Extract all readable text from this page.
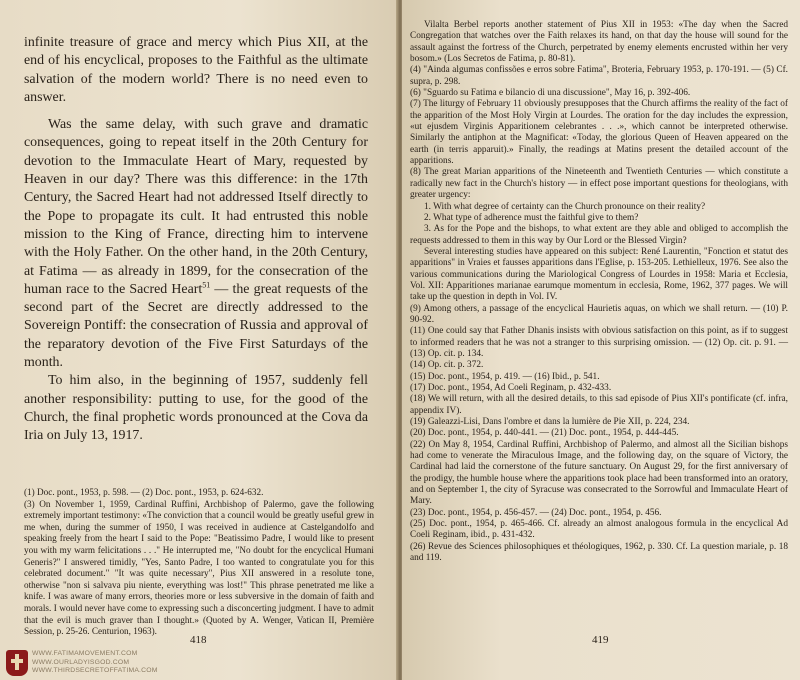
infinite treasure of grace and mercy which Pius XII, at the end of his encyclical, proposes to the Faithful as the ultimate salvation of the modern world? There is no need even to answer.

Was the same delay, with such grave and dramatic consequences, going to repeat itself in the 20th Century for devotion to the Immaculate Heart of Mary, requested by Heaven in our day? There was this difference: in the 17th Century, the Sacred Heart had not addressed Itself directly to the Pope to propagate its cult. It had entrusted this noble mission to the King of France, directing him to intervene with the Holy Father. On the other hand, in the 20th Century, at Fatima — as already in 1899, for the consecration of the human race to the Sacred Heart$^{51}$ — the great requests of the second part of the Secret are directly addressed to the Sovereign Pontiff: the consecration of Russia and approval of the reparatory devotion of the Five First Saturdays of the month.

To him also, in the beginning of 1957, suddenly fell another responsibility: putting to use, for the good of the Church, the final prophetic words pronounced at the Cova da Iria on July 13, 1917.

(1) Doc. pont., 1953, p. 598. — (2) Doc. pont., 1953, p. 624-632.

(3) On November 1, 1959, Cardinal Ruffini, Archbishop of Palermo, gave the following extremely important testimony: «The conviction that a council would be greatly useful grew in me when, during the summer of 1950, I was received in audience at Castelgandolfo and speaking freely from the heart I said to the Pope: "Beatissimo Padre, I would like to present you with my warm felicitations . . ." He interrupted me, "No doubt for the encyclical Humani Generis?" I answered timidly, "Yes, Santo Padre, I too wanted to congratulate you for this celebrated document." "It was quite necessary", Pius XII answered in a resolute tone, otherwise "non si salvava piu niente, everything was lost!" This phrase penetrated me like a knife. I was aware of many errors, theories more or less subversive in the domain of faith and morals. I would never have come to expressing such a disconcerting judgment. I have to admit that the evil is much graver than I thought.» (Quoted by A. Wenger, Vatican II, Première Session, p. 25-26. Centurion, 1963).

418
WWW.FATIMAMOVEMENT.COM
WWW.OURLADYISGOD.COM
WWW.THIRDSECRETOFFATIMA.COM

Vilalta Berbel reports another statement of Pius XII in 1953: «The day when the Sacred Congregation that watches over the Faith relaxes its hand, on that day the house will sound for the assault against the fortress of the Church, perpetrated by enemy elements encrusted within her very bosom.» (Los Secretos de Fatima, p. 80-81).

(4) "Ainda algumas confissões e erros sobre Fatima", Broteria, February 1953, p. 170-191. — (5) Cf. supra, p. 298.

(6) "Sguardo su Fatima e bilancio di una discussione", May 16, p. 392-406.

(7) The liturgy of February 11 obviously presupposes that the Church affirms the reality of the fact of the apparition of the Most Holy Virgin at Lourdes. The oration for the day includes the expression, «ut ejusdem Virginis Apparitionem celebrantes . . .», which cannot be interpreted otherwise. Similarly the antiphon at the Magnificat: «Today, the glorious Queen of Heaven appeared on the earth (in terris apparuit).» Finally, the readings at Matins present the detailed account of the apparitions.

(8) The great Marian apparitions of the Nineteenth and Twentieth Centuries — which constitute a radically new fact in the Church's history — in effect pose important questions for theologians, with greater urgency:

1. With what degree of certainty can the Church pronounce on their reality?

2. What type of adherence must the faithful give to them?

3. As for the Pope and the bishops, to what extent are they able and obliged to accomplish the requests addressed to them in this way by Our Lord or the Blessed Virgin?

Several interesting studies have appeared on this subject: René Laurentin, "Fonction et statut des apparitions" in Vraies et fausses apparitions dans l'Eglise, p. 153-205. Lethielleux, 1976. See also the various communications during the Mariological Congress of Lourdes in 1958: Maria et Ecclesia, Vol. XII: Apparitiones marianae earumque momentum in ecclesia, Rome, 1962, 377 pages. We will take up the question in depth in Vol. IV.

(9) Among others, a passage of the encyclical Haurietis aquas, on which we shall return. — (10) P. 90-92.

(11) One could say that Father Dhanis insists with obvious satisfaction on this point, as if to suggest to informed readers that he was not a stranger to this surprising omission. — (12) Op. cit. p. 91. — (13) Op. cit. p. 134.

(14) Op. cit. p. 372.

(15) Doc. pont., 1954, p. 419. — (16) Ibid., p. 541.

(17) Doc. pont., 1954, Ad Coeli Reginam, p. 432-433.

(18) We will return, with all the desired details, to this sad episode of Pius XII's pontificate (cf. infra, appendix IV).

(19) Galeazzi-Lisi, Dans l'ombre et dans la lumière de Pie XII, p. 224, 234.

(20) Doc. pont., 1954, p. 440-441. — (21) Doc. pont., 1954, p. 444-445.

(22) On May 8, 1954, Cardinal Ruffini, Archbishop of Palermo, and almost all the Sicilian bishops had come to venerate the Miraculous Image, and the following day, on the square of Victory, the Cardinal had laid the cornerstone of the future sanctuary. On August 29, for the first anniversary of the prodigy, the humble house where the apparitions took place had been transformed into an oratory, and on September 1, the city of Syracuse was consecrated to the Sorrowful and Immaculate Heart of Mary.

(23) Doc. pont., 1954, p. 456-457. — (24) Doc. pont., 1954, p. 456.

(25) Doc. pont., 1954, p. 465-466. Cf. already an almost analogous formula in the encyclical Ad Coeli Reginam, ibid., p. 431-432.

(26) Revue des Sciences philosophiques et théologiques, 1962, p. 330. Cf. La question mariale, p. 18 and 119.

419
